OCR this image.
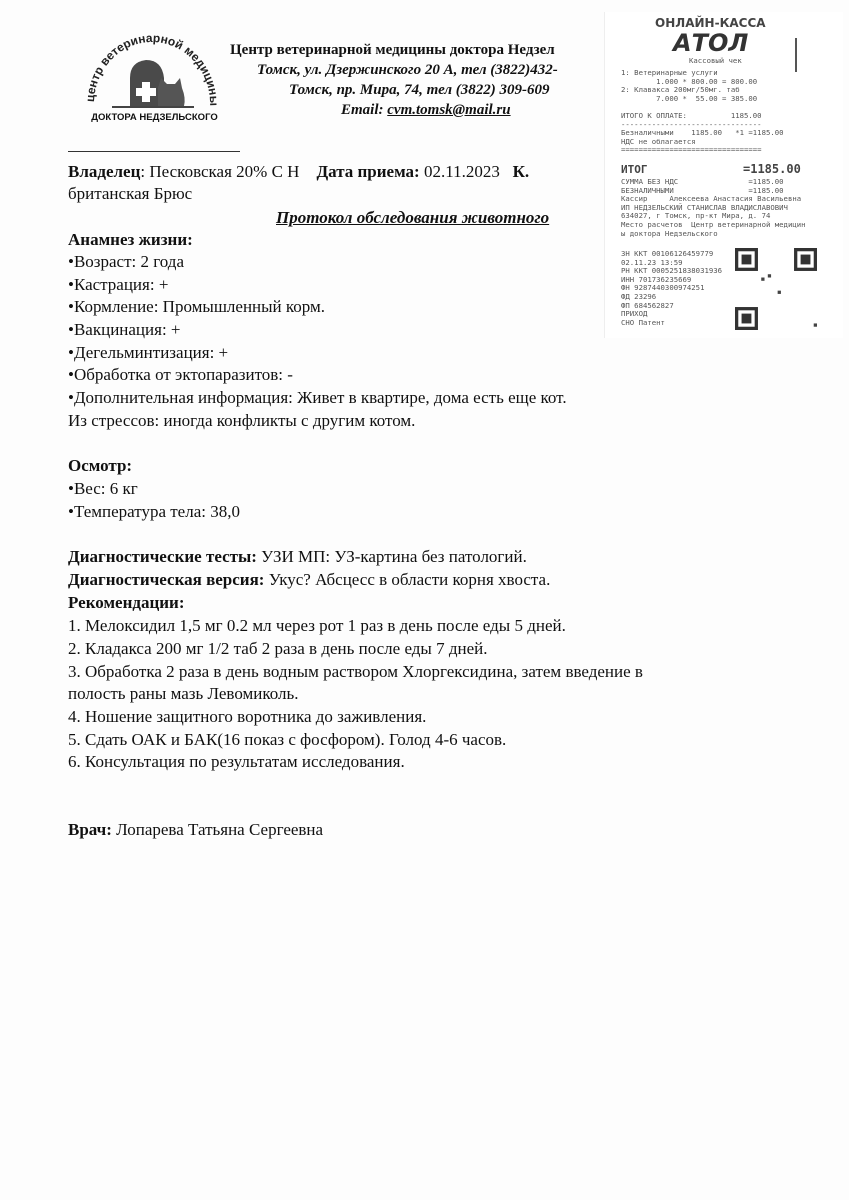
центр ветеринарной медицины
ДОКТОРА НЕДЗЕЛЬСКОГО
Центр ветеринарной медицины доктора Недзел
Томск, ул. Дзержинского 20 А, тел (3822)432-
Томск, пр. Мира, 74, тел (3822) 309-609
Email: cvm.tomsk@mail.ru
Владелец: Песковская 20% С Н Дата приема: 02.11.2023 К.
британская Брюс
Протокол обследования животного
Анамнез жизни:
•Возраст: 2 года
•Кастрация: +
•Кормление: Промышленный корм.
•Вакцинация: +
•Дегельминтизация: +
•Обработка от эктопаразитов: -
•Дополнительная информация: Живет в квартире, дома есть еще кот.
Из стрессов: иногда конфликты с другим котом.
Осмотр:
•Вес: 6 кг
•Температура тела: 38,0
Диагностические тесты: УЗИ МП: УЗ-картина без патологий.
Диагностическая версия: Укус? Абсцесс в области корня хвоста.
Рекомендации:
1. Мелоксидил 1,5 мг 0.2 мл через рот 1 раз в день после еды 5 дней.
2. Кладакса 200 мг 1/2 таб 2 раза в день после еды 7 дней.
3. Обработка 2 раза в день водным раствором Хлоргексидина, затем введение в
полость раны мазь Левомиколь.
4. Ношение защитного воротника до заживления.
5. Сдать ОАК и БАК(16 показ с фосфором). Голод 4-6 часов.
6. Консультация по результатам исследования.
Врач: Лопарева Татьяна Сергеевна
ОНЛАЙН-КАССА
АТОЛ
Кассовый чек
1: Ветеринарные услуги
1.000 * 800.00 = 800.00
2: Клавакса 200мг/50мг. таб
7.000 *  55.00 = 385.00

ИТОГО К ОПЛАТЕ:          1185.00
--------------------------------
Безналичными    1185.00   *1 =1185.00
НДС не облагается
================================
ИТОГ	=1185.00
СУММА БЕЗ НДС                =1185.00
БЕЗНАЛИЧНЫМИ                 =1185.00
Кассир     Алексеева Анастасия Васильевна
ИП НЕДЗЕЛЬСКИЙ СТАНИСЛАВ ВЛАДИСЛАВОВИЧ
634027, г Томск, пр-кт Мира, д. 74
Место расчетов  Центр ветеринарной медицин
ы доктора Недзельского
ЗН ККТ 00106126459779
02.11.23 13:59
РН ККТ 0005251838031936
ИНН 701736235669
ФН 9287440300974251
ФД 23296
ФП 684562827
ПРИХОД
СНО Патент
